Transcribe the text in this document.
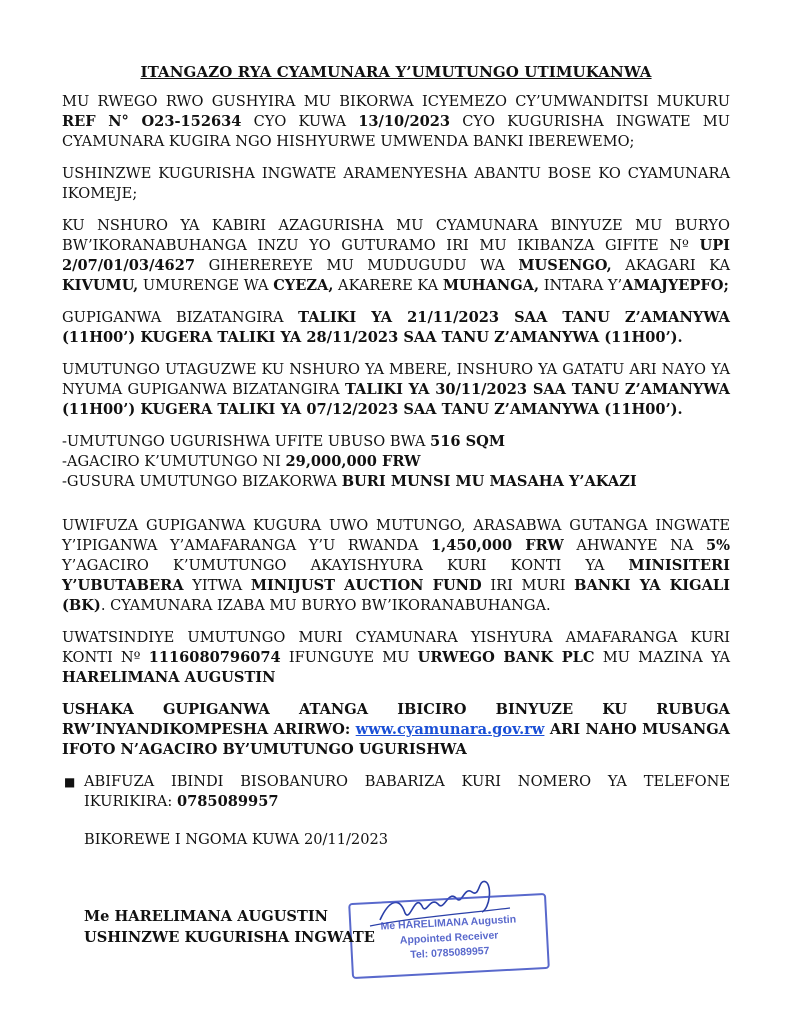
ITANGAZO RYA CYAMUNARA Y’UMUTUNGO UTIMUKANWA

MU RWEGO RWO GUSHYIRA MU BIKORWA ICYEMEZO CY’UMWANDITSI MUKURU REF N° O23-152634 CYO KUWA 13/10/2023 CYO KUGURISHA INGWATE MU CYAMUNARA KUGIRA NGO HISHYURWE UMWENDA BANKI IBEREWEMO;

USHINZWE KUGURISHA INGWATE ARAMENYESHA ABANTU BOSE KO CYAMUNARA IKOMEJE;

KU NSHURO YA KABIRI AZAGURISHA MU CYAMUNARA BINYUZE MU BURYO BW’IKORANABUHANGA INZU YO GUTURAMO IRI MU IKIBANZA GIFITE Nº UPI 2/07/01/03/4627 GIHEREREYE MU MUDUGUDU WA MUSENGO, AKAGARI KA KIVUMU, UMURENGE WA CYEZA, AKARERE KA MUHANGA, INTARA Y’AMAJYEPFO;

GUPIGANWA BIZATANGIRA TALIKI YA 21/11/2023 SAA TANU Z’AMANYWA (11H00’) KUGERA TALIKI YA 28/11/2023 SAA TANU Z’AMANYWA (11H00’).

UMUTUNGO UTAGUZWE KU NSHURO YA MBERE, INSHURO YA GATATU ARI NAYO YA NYUMA GUPIGANWA BIZATANGIRA TALIKI YA 30/11/2023 SAA TANU Z’AMANYWA (11H00’) KUGERA TALIKI YA 07/12/2023 SAA TANU Z’AMANYWA (11H00’).

-UMUTUNGO UGURISHWA UFITE UBUSO BWA 516 SQM

-AGACIRO K’UMUTUNGO NI 29,000,000 FRW

-GUSURA UMUTUNGO BIZAKORWA BURI MUNSI MU MASAHA Y’AKAZI

UWIFUZA GUPIGANWA KUGURA UWO MUTUNGO, ARASABWA GUTANGA INGWATE Y’IPIGANWA Y’AMAFARANGA Y’U RWANDA 1,450,000 FRW AHWANYE NA 5% Y’AGACIRO K’UMUTUNGO AKAYISHYURA KURI KONTI YA MINISITERI Y’UBUTABERA YITWA MINIJUST AUCTION FUND IRI MURI BANKI YA KIGALI (BK). CYAMUNARA IZABA MU BURYO BW’IKORANABUHANGA.

UWATSINDIYE UMUTUNGO MURI CYAMUNARA YISHYURA AMAFARANGA KURI KONTI Nº 1116080796074 IFUNGUYE MU URWEGO BANK PLC MU MAZINA YA HARELIMANA AUGUSTIN

USHAKA GUPIGANWA ATANGA IBICIRO BINYUZE KU RUBUGA RW’INYANDIKOMPESHA ARIRWO: www.cyamunara.gov.rw ARI NAHO MUSANGA IFOTO N’AGACIRO BY’UMUTUNGO UGURISHWA

■ ABIFUZA IBINDI BISOBANURO BABARIZA KURI NOMERO YA TELEFONE IKURIKIRA: 0785089957
BIKOREWE I NGOMA KUWA 20/11/2023
Me HARELIMANA Augustin
Appointed Receiver
Tel: 0785089957
Me HARELIMANA AUGUSTIN
USHINZWE KUGURISHA INGWATE
